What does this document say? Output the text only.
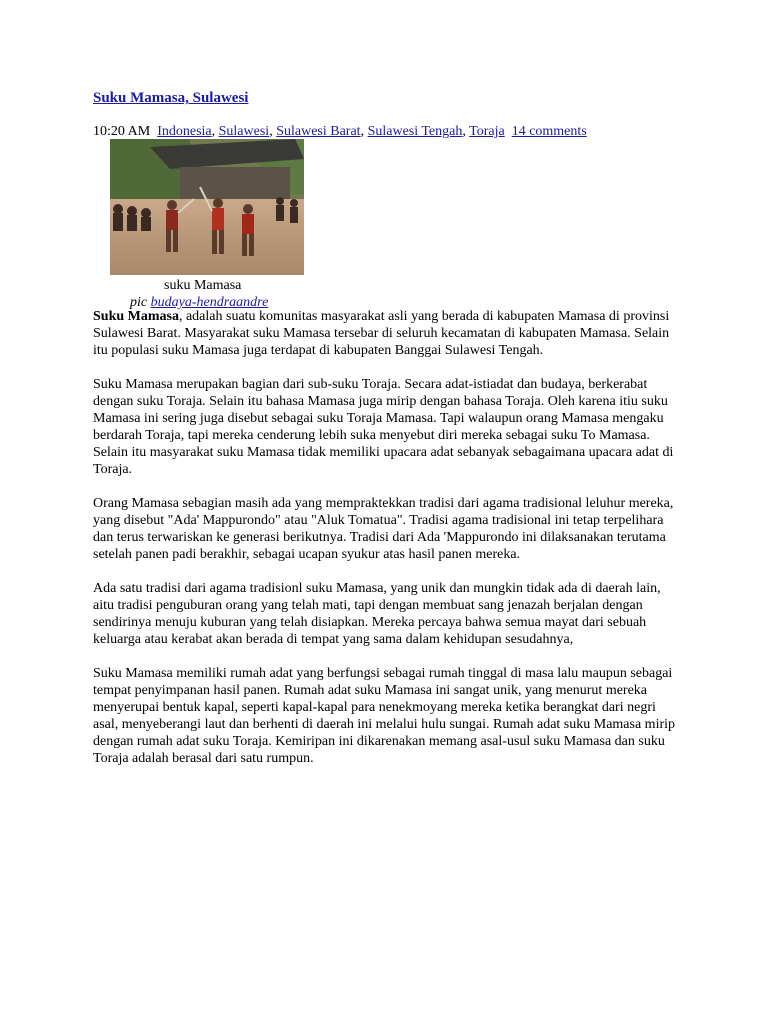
Suku Mamasa, Sulawesi
10:20 AM Indonesia, Sulawesi, Sulawesi Barat, Sulawesi Tengah, Toraja 14 comments
suku Mamasa
pic budaya-hendraandre

Suku Mamasa, adalah suatu komunitas masyarakat asli yang berada di kabupaten Mamasa di provinsi Sulawesi Barat. Masyarakat suku Mamasa tersebar di seluruh kecamatan di kabupaten Mamasa. Selain itu populasi suku Mamasa juga terdapat di kabupaten Banggai Sulawesi Tengah.

Suku Mamasa merupakan bagian dari sub-suku Toraja. Secara adat-istiadat dan budaya, berkerabat dengan suku Toraja. Selain itu bahasa Mamasa juga mirip dengan bahasa Toraja. Oleh karena itiu suku Mamasa ini sering juga disebut sebagai suku Toraja Mamasa. Tapi walaupun orang Mamasa mengaku berdarah Toraja, tapi mereka cenderung lebih suka menyebut diri mereka sebagai suku To Mamasa. Selain itu masyarakat suku Mamasa tidak memiliki upacara adat sebanyak sebagaimana upacara adat di Toraja.

Orang Mamasa sebagian masih ada yang mempraktekkan tradisi dari agama tradisional leluhur mereka, yang disebut "Ada' Mappurondo" atau "Aluk Tomatua". Tradisi agama tradisional ini tetap terpelihara dan terus terwariskan ke generasi berikutnya. Tradisi dari Ada 'Mappurondo ini dilaksanakan terutama setelah panen padi berakhir, sebagai ucapan syukur atas hasil panen mereka.

Ada satu tradisi dari agama tradisionl suku Mamasa, yang unik dan mungkin tidak ada di daerah lain, aitu tradisi penguburan orang yang telah mati, tapi dengan membuat sang jenazah berjalan dengan sendirinya menuju kuburan yang telah disiapkan. Mereka percaya bahwa semua mayat dari sebuah keluarga atau kerabat akan berada di tempat yang sama dalam kehidupan sesudahnya,

Suku Mamasa memiliki rumah adat yang berfungsi sebagai rumah tinggal di masa lalu maupun sebagai tempat penyimpanan hasil panen. Rumah adat suku Mamasa ini sangat unik, yang menurut mereka menyerupai bentuk kapal, seperti kapal-kapal para nenekmoyang mereka ketika berangkat dari negri asal, menyeberangi laut dan berhenti di daerah ini melalui hulu sungai. Rumah adat suku Mamasa mirip dengan rumah adat suku Toraja. Kemiripan ini dikarenakan memang asal-usul suku Mamasa dan suku Toraja adalah berasal dari satu rumpun.
